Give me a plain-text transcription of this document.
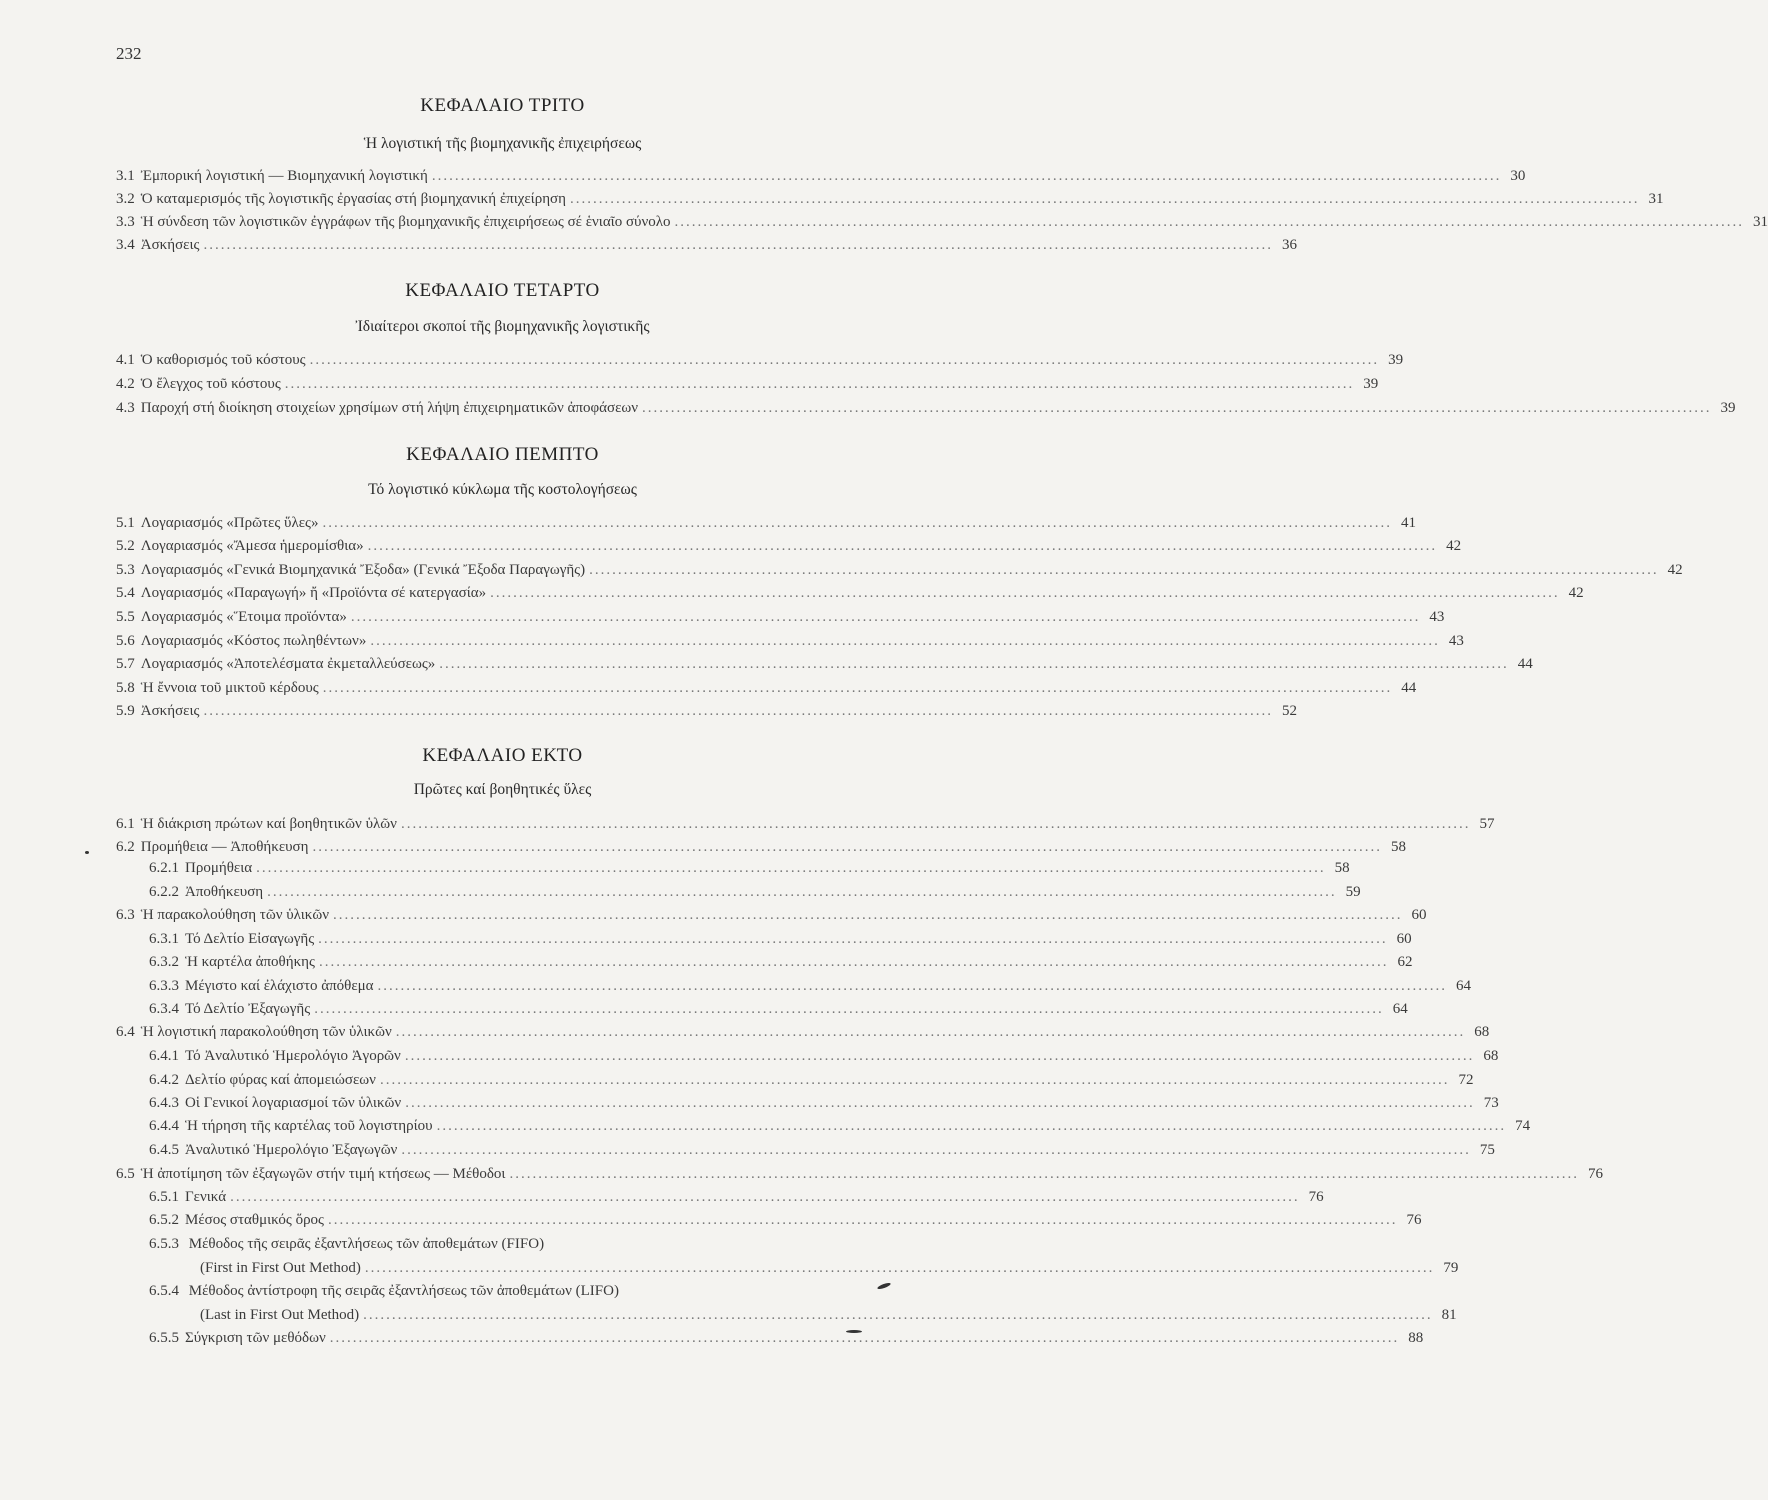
232
ΚΕΦΑΛΑΙΟ ΤΡΙΤΟ
Ἡ λογιστική τῆς βιομηχανικῆς ἐπιχειρήσεως
3.1 Ἐμπορική λογιστική — Βιομηχανική λογιστική .....	30
3.2 Ὁ καταμερισμός τῆς λογιστικῆς ἐργασίας στή βιομηχανική ἐπιχείρηση .....	31
3.3 Ἡ σύνδεση τῶν λογιστικῶν ἐγγράφων τῆς βιομηχανικῆς ἐπιχειρήσεως σέ ἑνιαῖο σύνολο .....	31
3.4 Ἀσκήσεις .....	36
ΚΕΦΑΛΑΙΟ ΤΕΤΑΡΤΟ
Ἰδιαίτεροι σκοποί τῆς βιομηχανικῆς λογιστικῆς
4.1 Ὁ καθορισμός τοῦ κόστους .....	39
4.2 Ὁ ἔλεγχος τοῦ κόστους .....	39
4.3 Παροχή στή διοίκηση στοιχείων χρησίμων στή λήψη ἐπιχειρηματικῶν ἀποφάσεων .....	39
ΚΕΦΑΛΑΙΟ ΠΕΜΠΤΟ
Τό λογιστικό κύκλωμα τῆς κοστολογήσεως
5.1 Λογαριασμός «Πρῶτες ὕλες» .....	41
5.2 Λογαριασμός «Ἄμεσα ἡμερομίσθια» .....	42
5.3 Λογαριασμός «Γενικά Βιομηχανικά Ἔξοδα» (Γενικά Ἔξοδα Παραγωγῆς) .....	42
5.4 Λογαριασμός «Παραγωγή» ἤ «Προϊόντα σέ κατεργασία» .....	42
5.5 Λογαριασμός «Ἕτοιμα προϊόντα» .....	43
5.6 Λογαριασμός «Κόστος πωληθέντων» .....	43
5.7 Λογαριασμός «Ἀποτελέσματα ἐκμεταλλεύσεως» .....	44
5.8 Ἡ ἔννοια τοῦ μικτοῦ κέρδους .....	44
5.9 Ἀσκήσεις .....	52
ΚΕΦΑΛΑΙΟ ΕΚΤΟ
Πρῶτες καί βοηθητικές ὕλες
6.1 Ἡ διάκριση πρώτων καί βοηθητικῶν ὑλῶν .....	57
6.2 Προμήθεια — Ἀποθήκευση .....	58
6.2.1 Προμήθεια .....	58
6.2.2 Ἀποθήκευση .....	59
6.3 Ἡ παρακολούθηση τῶν ὑλικῶν .....	60
6.3.1 Τό Δελτίο Εἰσαγωγῆς .....	60
6.3.2 Ἡ καρτέλα ἀποθήκης .....	62
6.3.3 Μέγιστο καί ἐλάχιστο ἀπόθεμα .....	64
6.3.4 Τό Δελτίο Ἐξαγωγῆς .....	64
6.4 Ἡ λογιστική παρακολούθηση τῶν ὑλικῶν .....	68
6.4.1 Τό Ἀναλυτικό Ἡμερολόγιο Ἀγορῶν .....	68
6.4.2 Δελτίο φύρας καί ἀπομειώσεων .....	72
6.4.3 Οἱ Γενικοί λογαριασμοί τῶν ὑλικῶν .....	73
6.4.4 Ἡ τήρηση τῆς καρτέλας τοῦ λογιστηρίου .....	74
6.4.5 Ἀναλυτικό Ἡμερολόγιο Ἐξαγωγῶν .....	75
6.5 Ἡ ἀποτίμηση τῶν ἐξαγωγῶν στήν τιμή κτήσεως — Μέθοδοι .....	76
6.5.1 Γενικά .....	76
6.5.2 Μέσος σταθμικός ὅρος .....	76
6.5.3 Μέθοδος τῆς σειρᾶς ἐξαντλήσεως τῶν ἀποθεμάτων (FIFO)
(First in First Out Method) .....	79
6.5.4 Μέθοδος ἀντίστροφη τῆς σειρᾶς ἐξαντλήσεως τῶν ἀποθεμάτων (LIFO)
(Last in First Out Method) .....	81
6.5.5 Σύγκριση τῶν μεθόδων .....	88
